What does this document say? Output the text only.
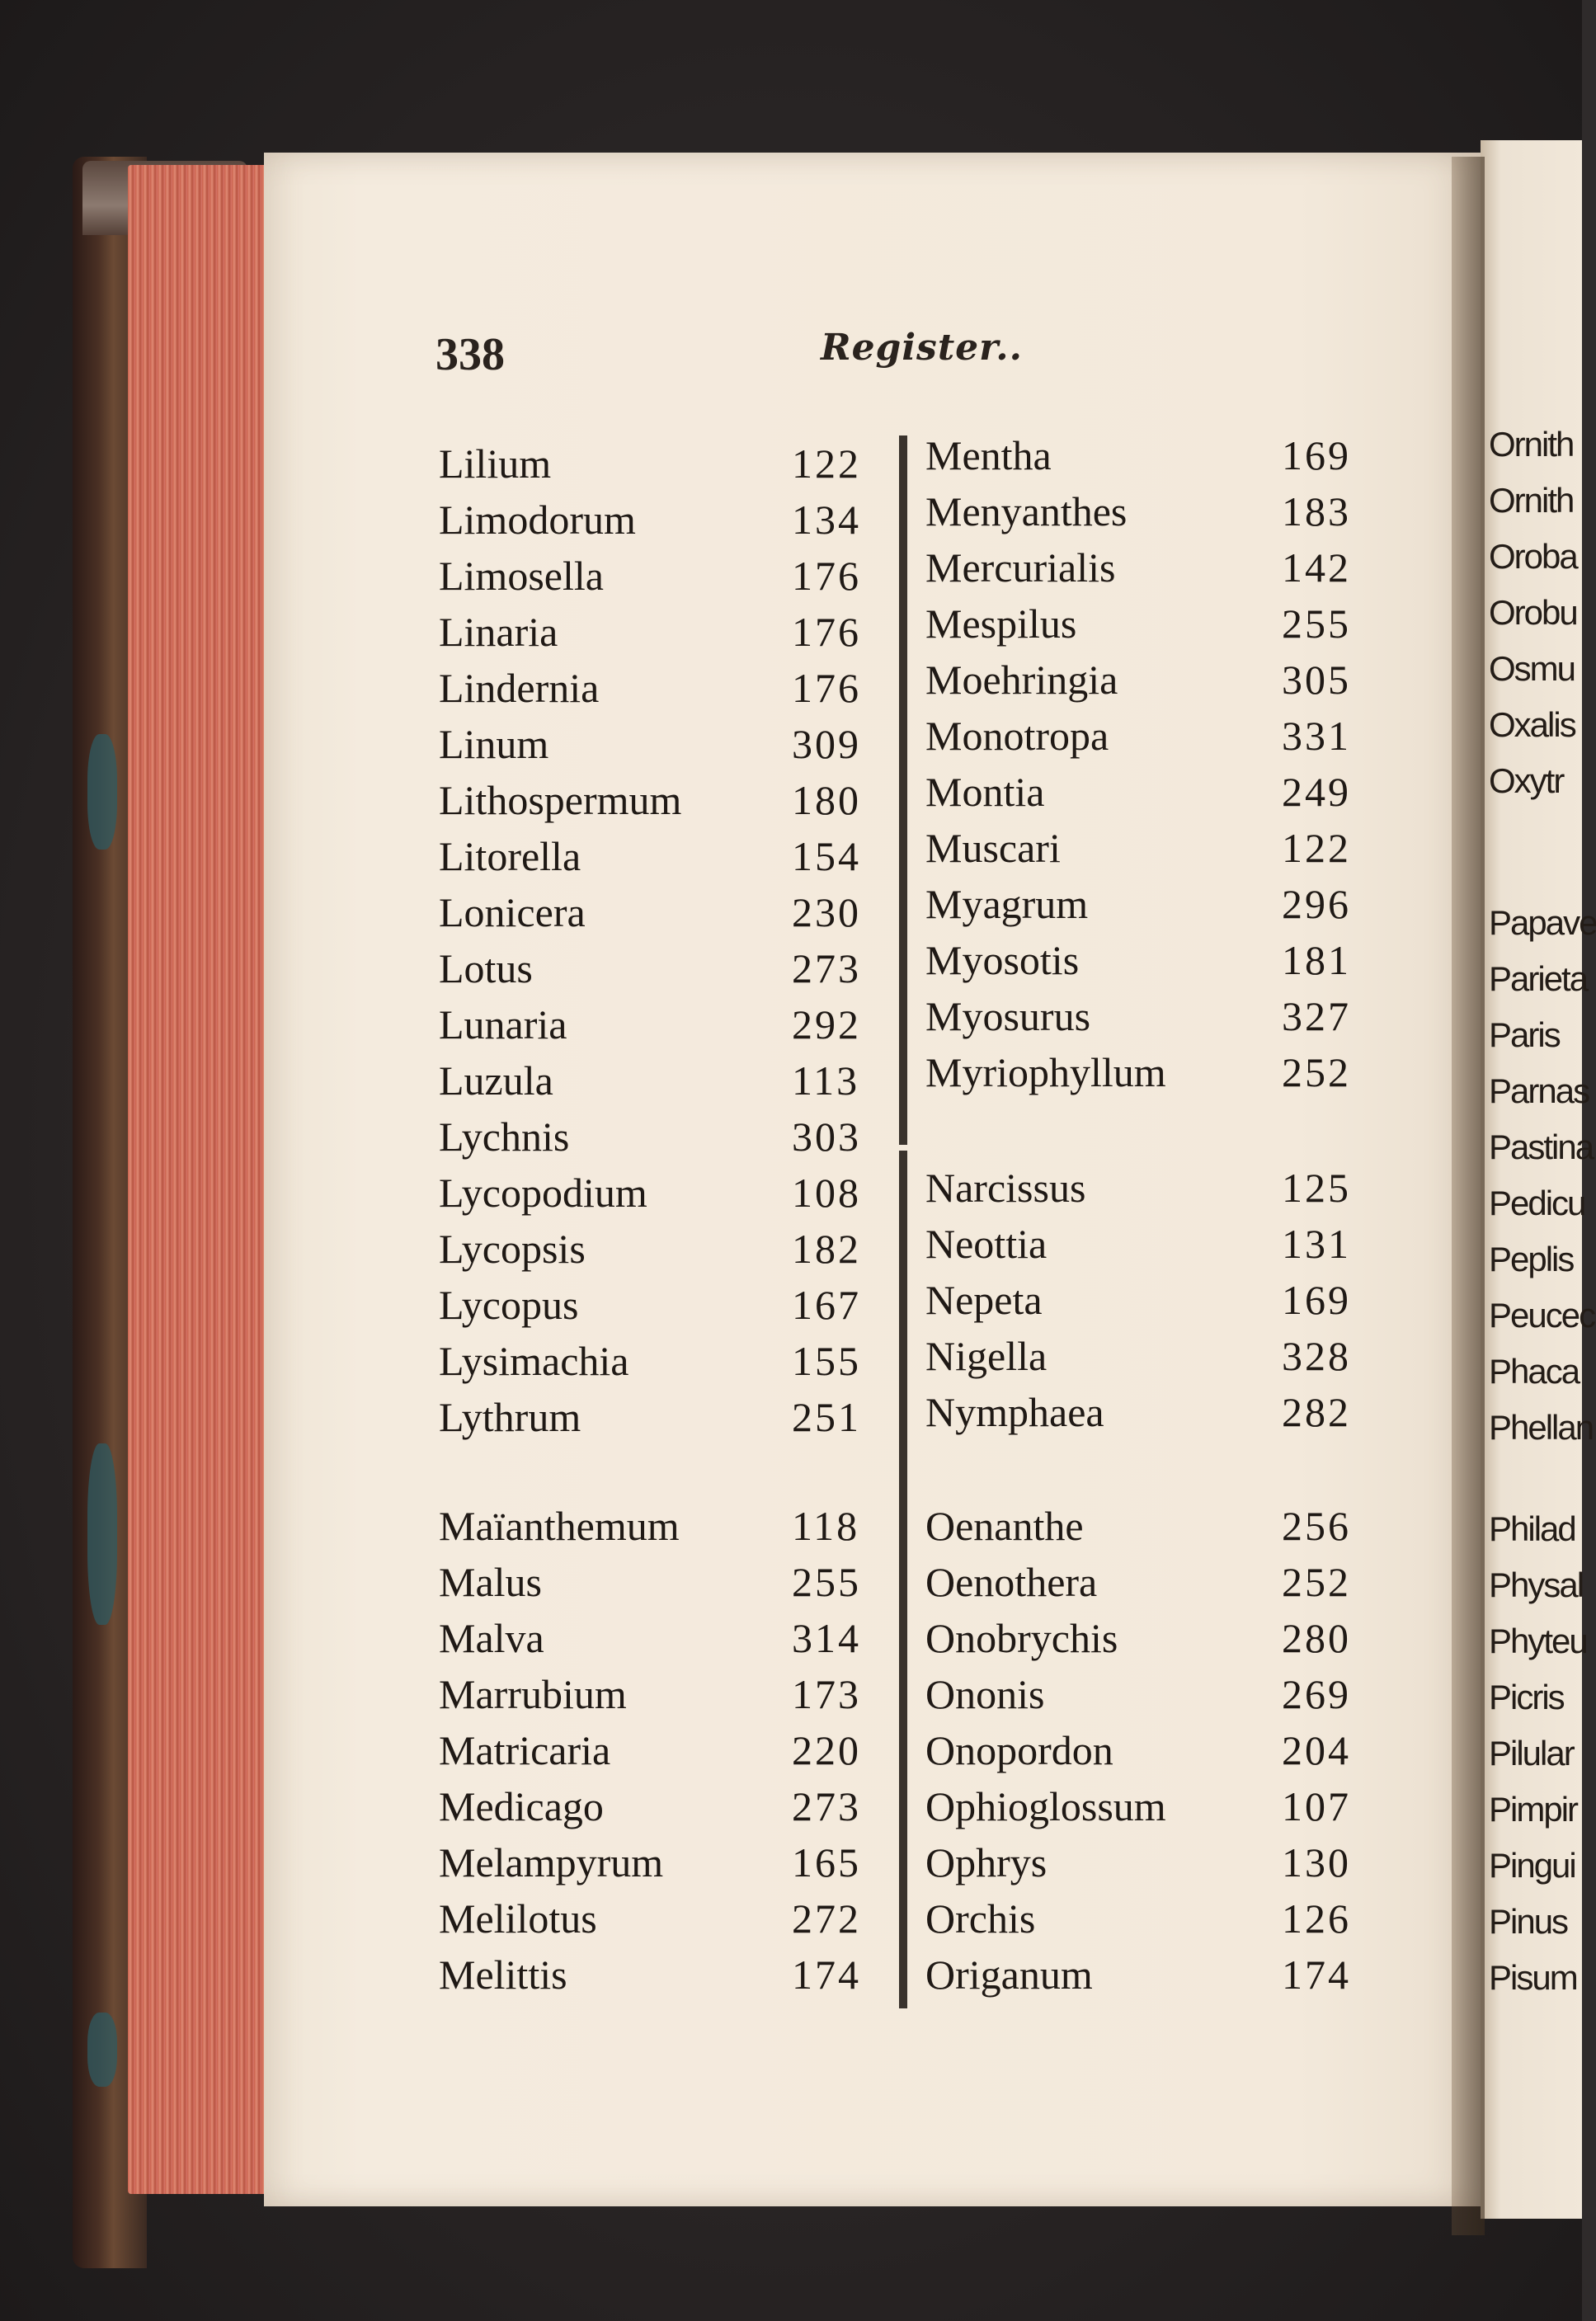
Ornith
Ornith
Oroba
Orobu
Osmu
Oxalis
Oxytr
Papave
Parieta
Paris
Parnas
Pastina
Pedicu
Peplis
Peucec
Phaca
Phellan
Philad
Physal
Phyteu
Picris
Pilular
Pimpir
Pingui
Pinus
Pisum
338	Register..
Lilium	122
Limodorum	134
Limosella	176
Linaria	176
Lindernia	176
Linum	309
Lithospermum	180
Litorella	154
Lonicera	230
Lotus	273
Lunaria	292
Luzula	113
Lychnis	303
Lycopodium	108
Lycopsis	182
Lycopus	167
Lysimachia	155
Lythrum	251
Maïanthemum	118
Malus	255
Malva	314
Marrubium	173
Matricaria	220
Medicago	273
Melampyrum	165
Melilotus	272
Melittis	174
Mentha	169
Menyanthes	183
Mercurialis	142
Mespilus	255
Moehringia	305
Monotropa	331
Montia	249
Muscari	122
Myagrum	296
Myosotis	181
Myosurus	327
Myriophyllum	252
Narcissus	125
Neottia	131
Nepeta	169
Nigella	328
Nymphaea	282
Oenanthe	256
Oenothera	252
Onobrychis	280
Ononis	269
Onopordon	204
Ophioglossum	107
Ophrys	130
Orchis	126
Origanum	174
